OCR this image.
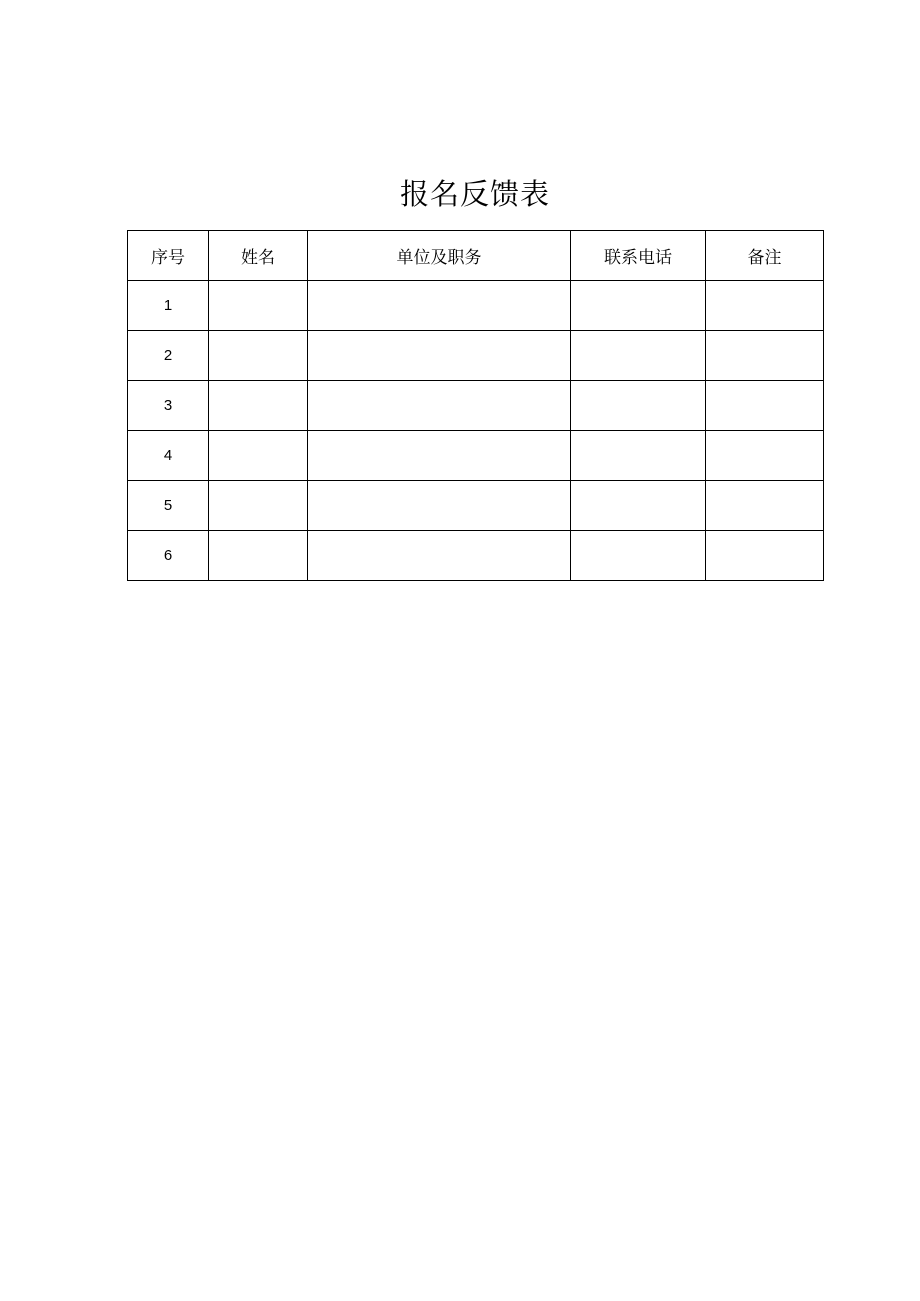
报名反馈表
序号	姓名	单位及职务	联系电话	备注
1				
2				
3				
4				
5				
6				
